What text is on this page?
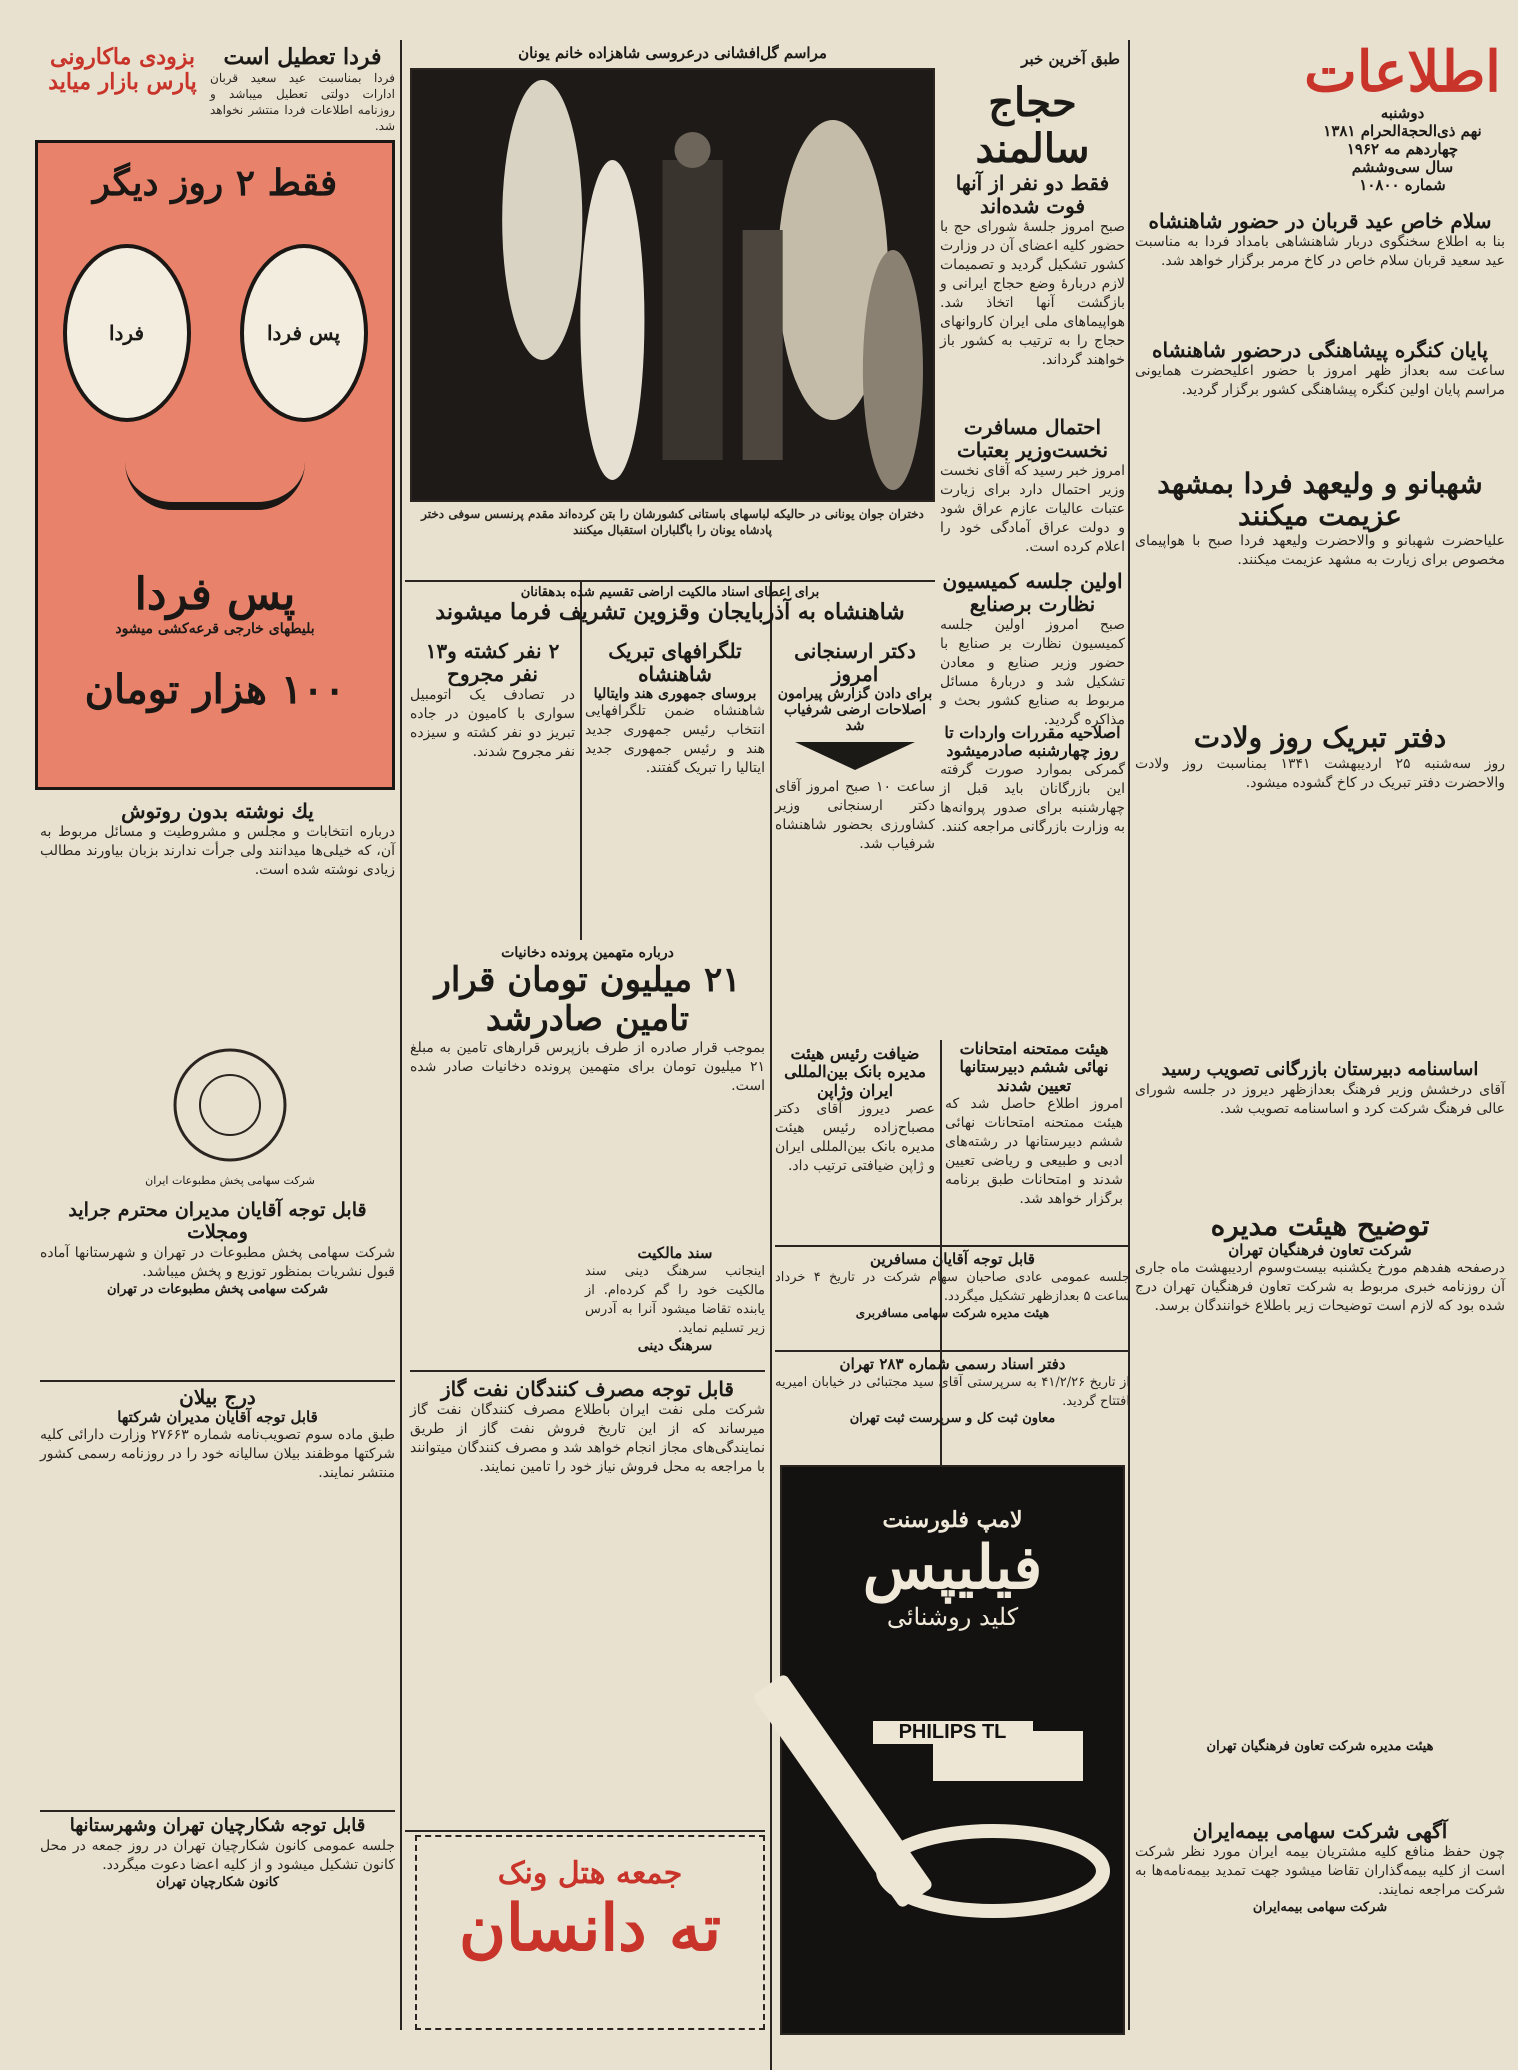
اطلاعات
دوشنبه
نهم ذی‌الحجة‌الحرام ۱۳۸۱
چهاردهم مه ۱۹۶۲
سال سی‌وششم
شماره ۱۰۸۰۰
سلام خاص عید قربان در حضور شاهنشاه
بنا به اطلاع سخنگوی دربار شاهنشاهی بامداد فردا به مناسبت عید سعید قربان سلام خاص در کاخ مرمر برگزار خواهد شد.
پایان کنگره پیشاهنگی درحضور شاهنشاه
ساعت سه بعداز ظهر امروز با حضور اعلیحضرت همایونی مراسم پایان اولین کنگره پیشاهنگی کشور برگزار گردید.
شهبانو و ولیعهد فردا بمشهد عزیمت میکنند
علیاحضرت شهبانو و والاحضرت ولیعهد فردا صبح با هواپیمای مخصوص برای زیارت به مشهد عزیمت میکنند.
دفتر تبریک روز ولادت
روز سه‌شنبه ۲۵ اردیبهشت ۱۳۴۱ بمناسبت روز ولادت والاحضرت دفتر تبریک در کاخ گشوده میشود.
طبق آخرین خبر
حجاج سالمند
فقط دو نفر از آنها فوت شده‌اند
صبح امروز جلسهٔ شورای حج با حضور کلیه اعضای آن در وزارت کشور تشکیل گردید و تصمیمات لازم دربارهٔ وضع حجاج ایرانی و بازگشت آنها اتخاذ شد. هواپیماهای ملی ایران کاروانهای حجاج را به ترتیب به کشور باز خواهند گرداند.
احتمال مسافرت نخست‌وزیر بعتبات
امروز خبر رسید که آقای نخست وزیر احتمال دارد برای زیارت عتبات عالیات عازم عراق شود و دولت عراق آمادگی خود را اعلام کرده است.
اولین جلسه کمیسیون نظارت برصنایع
صبح امروز اولین جلسه کمیسیون نظارت بر صنایع با حضور وزیر صنایع و معادن تشکیل شد و دربارهٔ مسائل مربوط به صنایع کشور بحث و مذاکره گردید.
اصلاحیه مقررات واردات تا روز چهارشنبه صادرمیشود
گمرکی بموارد صورت گرفته این بازرگانان باید قبل از چهارشنبه برای صدور پروانه‌ها به وزارت بازرگانی مراجعه کنند.
مراسم گل‌افشانی درعروسی شاهزاده خانم یونان
دختران جوان یونانی در حالیکه لباسهای باستانی کشورشان را بتن کرده‌اند مقدم پرنسس سوفی دختر پادشاه یونان را باگلباران استقبال میکنند
برای اعطای اسناد مالکیت اراضی تقسیم شده بدهقانان
شاهنشاه به آذربایجان وقزوین تشریف فرما میشوند
تلگرافهای تبریک شاهنشاه
بروسای جمهوری هند وایتالیا
شاهنشاه ضمن تلگرافهایی انتخاب رئیس جمهوری جدید هند و رئیس جمهوری جدید ایتالیا را تبریک گفتند.
۲ نفر کشته و۱۳ نفر مجروح
در تصادف یک اتومبیل سواری با کامیون در جاده تبریز دو نفر کشته و سیزده نفر مجروح شدند.
دکتر ارسنجانی امروز
برای دادن گزارش پیرامون اصلاحات ارضی شرفیاب شد
ساعت ۱۰ صبح امروز آقای دکتر ارسنجانی وزیر کشاورزی بحضور شاهنشاه شرفیاب شد.
درباره متهمین پرونده دخانیات
۲۱ میلیون تومان قرار
تامین صادرشد
بموجب قرار صادره از طرف بازپرس قرارهای تامین به مبلغ ۲۱ میلیون تومان برای متهمین پرونده دخانیات صادر شده است.
ضیافت رئیس هیئت مدیره بانک بین‌المللی ایران وژاپن
عصر دیروز آقای دکتر مصباح‌زاده رئیس هیئت مدیره بانک بین‌المللی ایران و ژاپن ضیافتی ترتیب داد.
توضیح هیئت مدیره
شرکت تعاون فرهنگیان تهران
درصفحه هفدهم مورخ یکشنبه بیست‌وسوم اردیبهشت ماه جاری آن روزنامه خبری مربوط به شرکت تعاون فرهنگیان تهران درج شده بود که لازم است توضیحات زیر باطلاع خوانندگان برسد.
هیئت مدیره شرکت تعاون فرهنگیان تهران
اساسنامه دبیرستان بازرگانی تصویب رسید
آقای درخشش وزیر فرهنگ بعدازظهر دیروز در جلسه شورای عالی فرهنگ شرکت کرد و اساسنامه تصویب شد.
آگهی شرکت سهامی بیمه‌ایران
چون حفظ منافع کلیه مشتریان بیمه ایران مورد نظر شرکت است از کلیه بیمه‌گذاران تقاضا میشود جهت تمدید بیمه‌نامه‌ها به شرکت مراجعه نمایند.
شرکت سهامی بیمه‌ایران
هیئت ممتحنه امتحانات نهائی ششم دبیرستانها تعیین شدند
امروز اطلاع حاصل شد که هیئت ممتحنه امتحانات نهائی ششم دبیرستانها در رشته‌های ادبی و طبیعی و ریاضی تعیین شدند و امتحانات طبق برنامه برگزار خواهد شد.
قابل توجه آقایان مسافرین
جلسه عمومی عادی صاحبان سهام شرکت در تاریخ ۴ خرداد ساعت ۵ بعدازظهر تشکیل میگردد.
هیئت مدیره شرکت سهامی مسافربری
دفتر اسناد رسمی شماره ۲۸۳ تهران
از تاریخ ۴۱/۲/۲۶ به سرپرستی آقای سید مجتبائی در خیابان امیریه افتتاح گردید.
معاون ثبت کل و سرپرست ثبت تهران
لامپ فلورسنت
فیلیپس
کلید روشنائی
PHILIPS TL
سند مالکیت
اینجانب سرهنگ دینی سند مالکیت خود را گم کرده‌ام. از یابنده تقاضا میشود آنرا به آدرس زیر تسلیم نماید.
سرهنگ دینی
قابل توجه مصرف کنندگان نفت گاز
شرکت ملی نفت ایران باطلاع مصرف کنندگان نفت گاز میرساند که از این تاریخ فروش نفت گاز از طریق نمایندگی‌های مجاز انجام خواهد شد و مصرف کنندگان میتوانند با مراجعه به محل فروش نیاز خود را تامین نمایند.
جمعه هتل ونک
ته دانسان
فردا تعطیل است
فردا بمناسبت عید سعید قربان ادارات دولتی تعطیل میباشد و روزنامه اطلاعات فردا منتشر نخواهد شد.
بزودی ماکارونی پارس بازار میاید
فقط ۲ روز دیگر
پس فردا
فردا
پس فردا
بلیطهای خارجی قرعه‌کشی میشود
۱۰۰ هزار تومان
یك نوشته بدون روتوش
درباره انتخابات و مجلس و مشروطیت و مسائل مربوط به آن، که خیلی‌ها میدانند ولی جرأت ندارند بزبان بیاورند مطالب زیادی نوشته شده است.
شرکت سهامی پخش مطبوعات ایران
قابل توجه آقایان مدیران محترم جراید ومجلات
شرکت سهامی پخش مطبوعات در تهران و شهرستانها آماده قبول نشریات بمنظور توزیع و پخش میباشد.
شرکت سهامی پخش مطبوعات در تهران
درج بیلان
قابل توجه آقایان مدیران شرکتها
طبق ماده سوم تصویب‌نامه شماره ۲۷۶۶۳ وزارت دارائی کلیه شرکتها موظفند بیلان سالیانه خود را در روزنامه رسمی کشور منتشر نمایند.
قابل توجه شکارچیان تهران وشهرستانها
جلسه عمومی کانون شکارچیان تهران در روز جمعه در محل کانون تشکیل میشود و از کلیه اعضا دعوت میگردد.
کانون شکارچیان تهران
